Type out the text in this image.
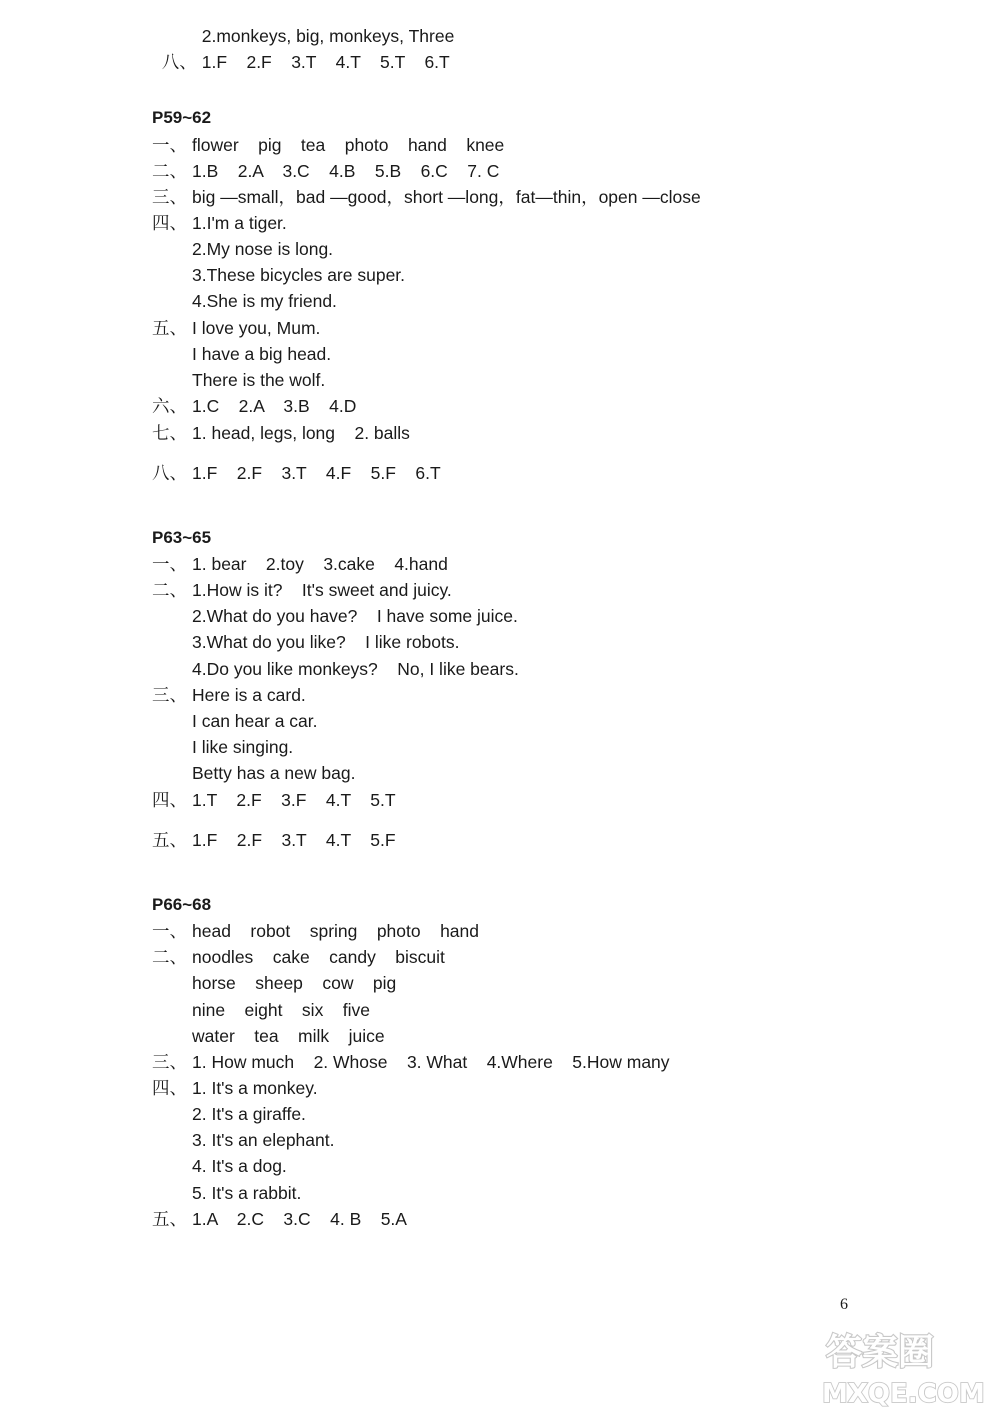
2.monkeys, big, monkeys, Three

八、 1.F    2.F    3.T    4.T    5.T    6.T

P59~62
一、 flower    pig    tea    photo    hand    knee
二、 1.B    2.A    3.C    4.B    5.B    6.C    7. C
三、 big —small，bad —good，short —long，fat—thin，open —close
四、 1.I'm a tiger.
2.My nose is long.
3.These bicycles are super.
4.She is my friend.
五、 I love you, Mum.
I have a big head.
There is the wolf.
六、 1.C    2.A    3.B    4.D
七、 1. head, legs, long    2. balls
八、 1.F    2.F    3.T    4.F    5.F    6.T
P63~65
一、 1. bear    2.toy    3.cake    4.hand
二、 1.How is it?    It's sweet and juicy.
2.What do you have?    I have some juice.
3.What do you like?    I like robots.
4.Do you like monkeys?    No, I like bears.
三、 Here is a card.
I can hear a car.
I like singing.
Betty has a new bag.
四、 1.T    2.F    3.F    4.T    5.T
五、 1.F    2.F    3.T    4.T    5.F
P66~68
一、 head    robot    spring    photo    hand
二、 noodles    cake    candy    biscuit
horse    sheep    cow    pig
nine    eight    six    five
water    tea    milk    juice
三、 1. How much    2. Whose    3. What    4.Where    5.How many
四、 1. It's a monkey.
2. It's a giraffe.
3. It's an elephant.
4. It's a dog.
5. It's a rabbit.
五、 1.A    2.C    3.C    4. B    5.A
6
答案圈
MXQE.COM
